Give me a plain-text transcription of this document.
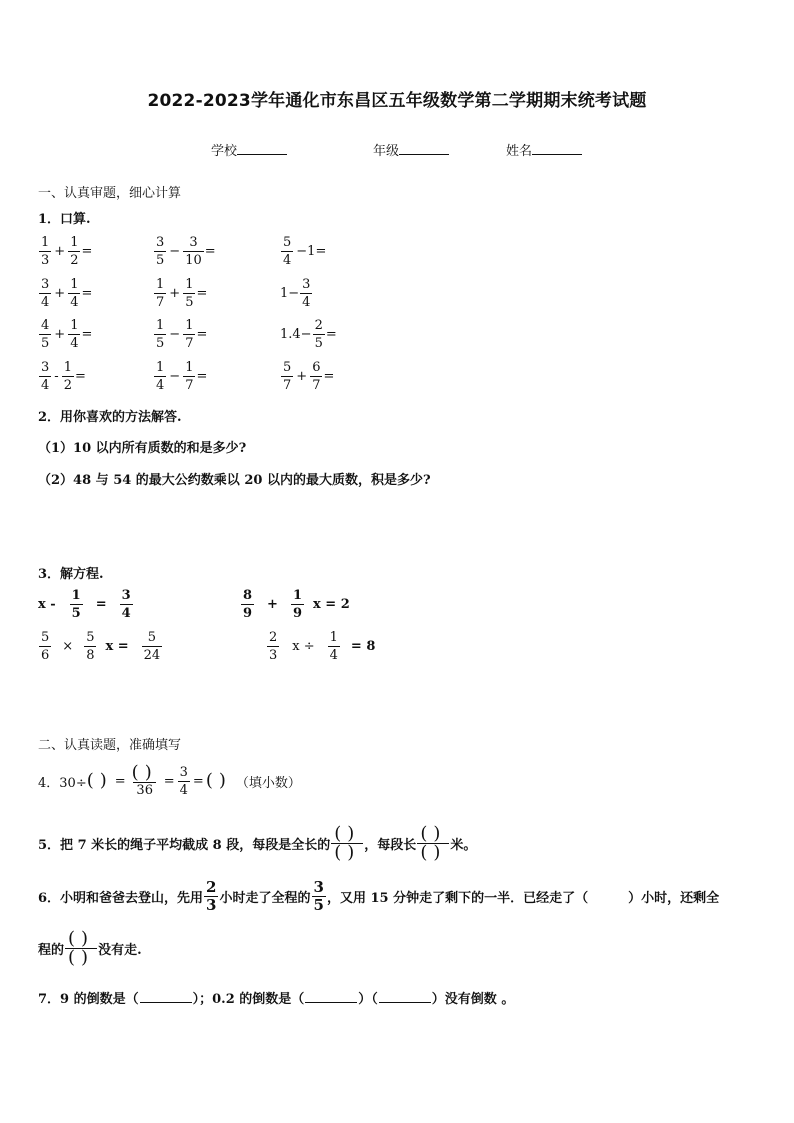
2022-2023学年通化市东昌区五年级数学第二学期期末统考试题
学校	年级	姓名
一、认真审题，细心计算
1．口算.
$\frac{1}{3} + \frac{1}{2}$ =	$\frac{3}{5} - \frac{3}{10}$ =	$\frac{5}{4} -1=$
$\frac{3}{4} + \frac{1}{4}$ =	$\frac{1}{7} + \frac{1}{5}$ =	$1- \frac{3}{4}$
$\frac{4}{5} + \frac{1}{4}$ =	$\frac{1}{5} - \frac{1}{7}$ =	$1.4- \frac{2}{5}$ =
$\frac{3}{4} - \frac{1}{2}$ =	$\frac{1}{4} - \frac{1}{7}$ =	$\frac{5}{7} + \frac{6}{7}$ =
2．用你喜欢的方法解答.
（1）10 以内所有质数的和是多少?
（2）48 与 54 的最大公约数乘以 20 以内的最大质数，积是多少?
3．解方程.
$x - \frac{1}{5} = \frac{3}{4}$	$\frac{8}{9} + \frac{1}{9}$ x = 2
$\frac{5}{6} \times \frac{5}{8}$ $x = \frac{5}{24}$	$\frac{2}{3}$ $x \div \frac{1}{4} = 8$
二、认真读题，准确填写
4．30÷ () = $\frac{()}{36} = \frac{3}{4}$ = () （填小数）
5．把 7 米长的绳子平均截成 8 段，每段是全长的 $\frac{()}{()}$ ，每段长 $\frac{()}{()}$ 米。
6．小明和爸爸去登山，先用 $\frac{2}{3}$ 小时走了全程的 $\frac{3}{5}$ ，又用 15 分钟走了剩下的一半．已经走了（	）小时，还剩全
程的 $\frac{()}{()}$ 没有走.
7．9 的倒数是（	）；0.2 的倒数是（	）（	）没有倒数 。
